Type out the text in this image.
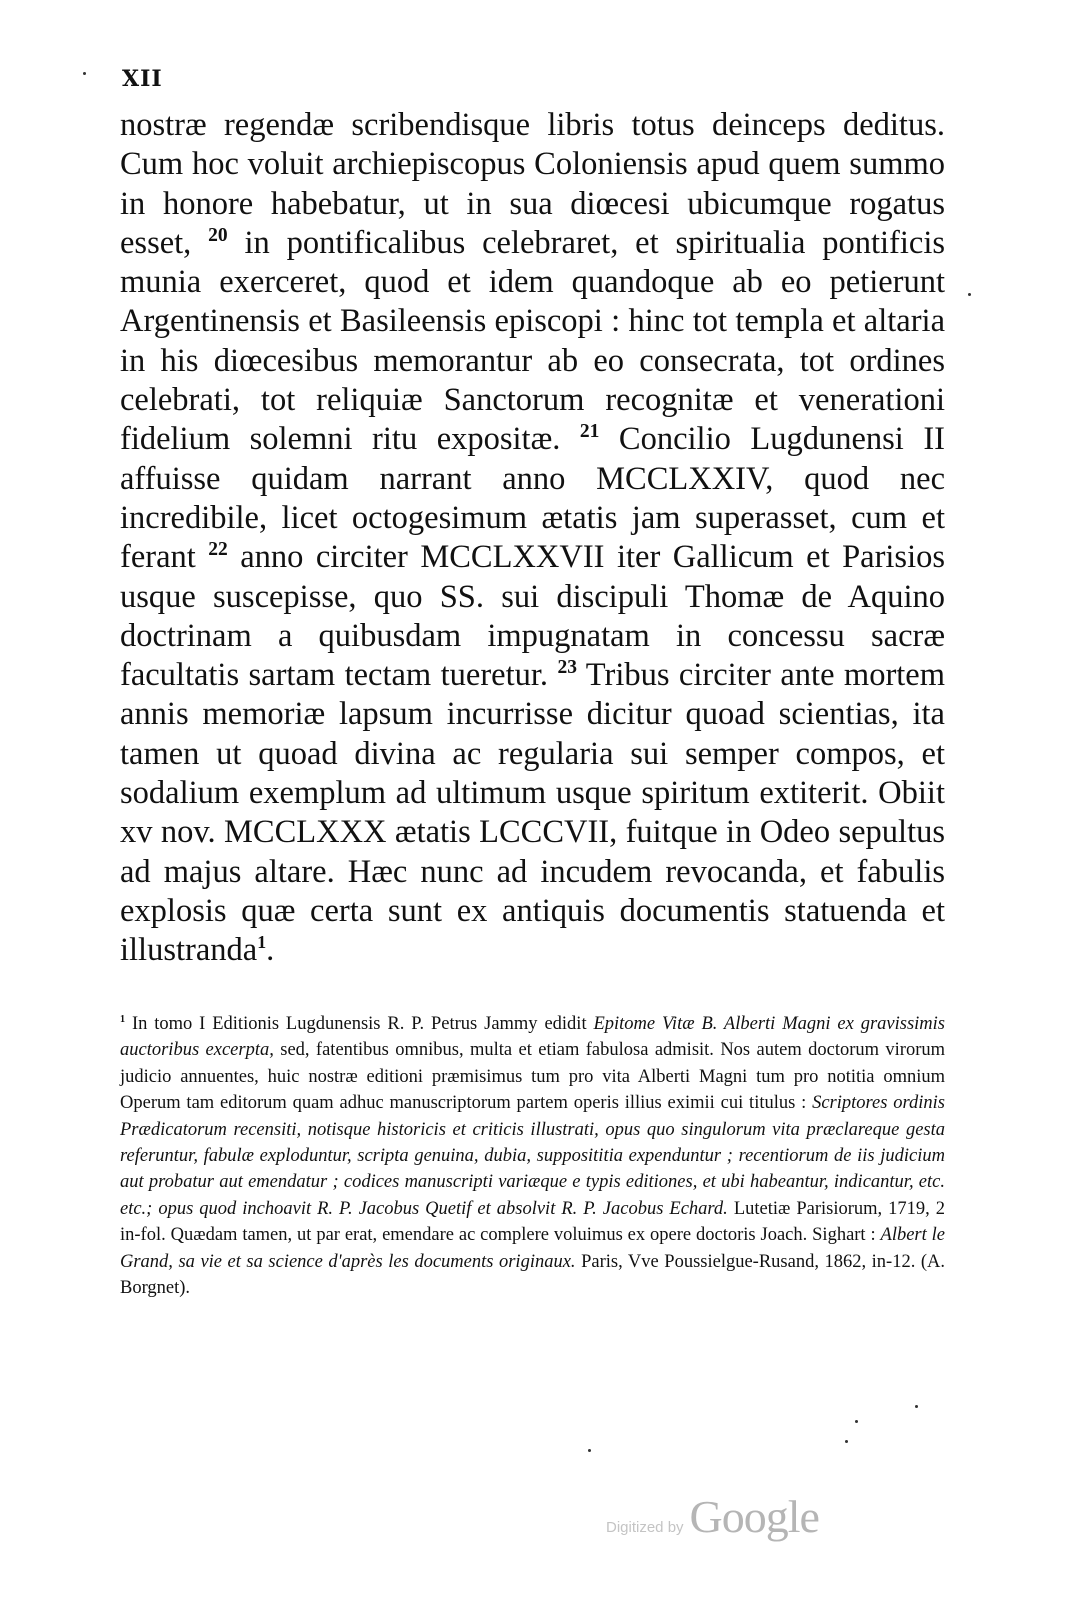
XII

nostræ regendæ scribendisque libris totus deinceps deditus. Cum hoc voluit archiepiscopus Coloniensis apud quem summo in honore habebatur, ut in sua diœcesi ubicumque rogatus esset, $^{20}$ in pontificalibus celebraret, et spiritualia pontificis munia exerceret, quod et idem quandoque ab eo petierunt Argentinensis et Basileensis episcopi : hinc tot templa et altaria in his diœcesibus memorantur ab eo consecrata, tot ordines celebrati, tot reliquiæ Sanctorum recognitæ et venerationi fidelium solemni ritu expositæ. $^{21}$ Concilio Lugdunensi II affuisse quidam narrant anno MCCLXXIV, quod nec incredibile, licet octogesimum ætatis jam superasset, cum et ferant $^{22}$ anno circiter MCCLXXVII iter Gallicum et Parisios usque suscepisse, quo SS. sui discipuli Thomæ de Aquino doctrinam a quibusdam impugnatam in concessu sacræ facultatis sartam tectam tueretur. $^{23}$ Tribus circiter ante mortem annis memoriæ lapsum incurrisse dicitur quoad scientias, ita tamen ut quoad divina ac regularia sui semper compos, et sodalium exemplum ad ultimum usque spiritum extiterit. Obiit xv nov. MCCLXXX ætatis LCCCVII, fuitque in Odeo sepultus ad majus altare. Hæc nunc ad incudem revocanda, et fabulis explosis quæ certa sunt ex antiquis documentis statuenda et illustranda$^1$.

$^1$ In tomo I Editionis Lugdunensis R. P. Petrus Jammy edidit Epitome Vitæ B. Alberti Magni ex gravissimis auctoribus excerpta, sed, fatentibus omnibus, multa et etiam fabulosa admisit. Nos autem doctorum virorum judicio annuentes, huic nostræ editioni præmisimus tum pro vita Alberti Magni tum pro notitia omnium Operum tam editorum quam adhuc manuscriptorum partem operis illius eximii cui titulus : Scriptores ordinis Prædicatorum recensiti, notisque historicis et criticis illustrati, opus quo singulorum vita præclareque gesta referuntur, fabulæ exploduntur, scripta genuina, dubia, supposititia expenduntur ; recentiorum de iis judicium aut probatur aut emendatur ; codices manuscripti variæque e typis editiones, et ubi habeantur, indicantur, etc. etc.; opus quod inchoavit R. P. Jacobus Quetif et absolvit R. P. Jacobus Echard. Lutetiæ Parisiorum, 1719, 2 in-fol. Quædam tamen, ut par erat, emendare ac complere voluimus ex opere doctoris Joach. Sighart : Albert le Grand, sa vie et sa science d'après les documents originaux. Paris, Vve Poussielgue-Rusand, 1862, in-12. (A. Borgnet).

Digitized by Google
